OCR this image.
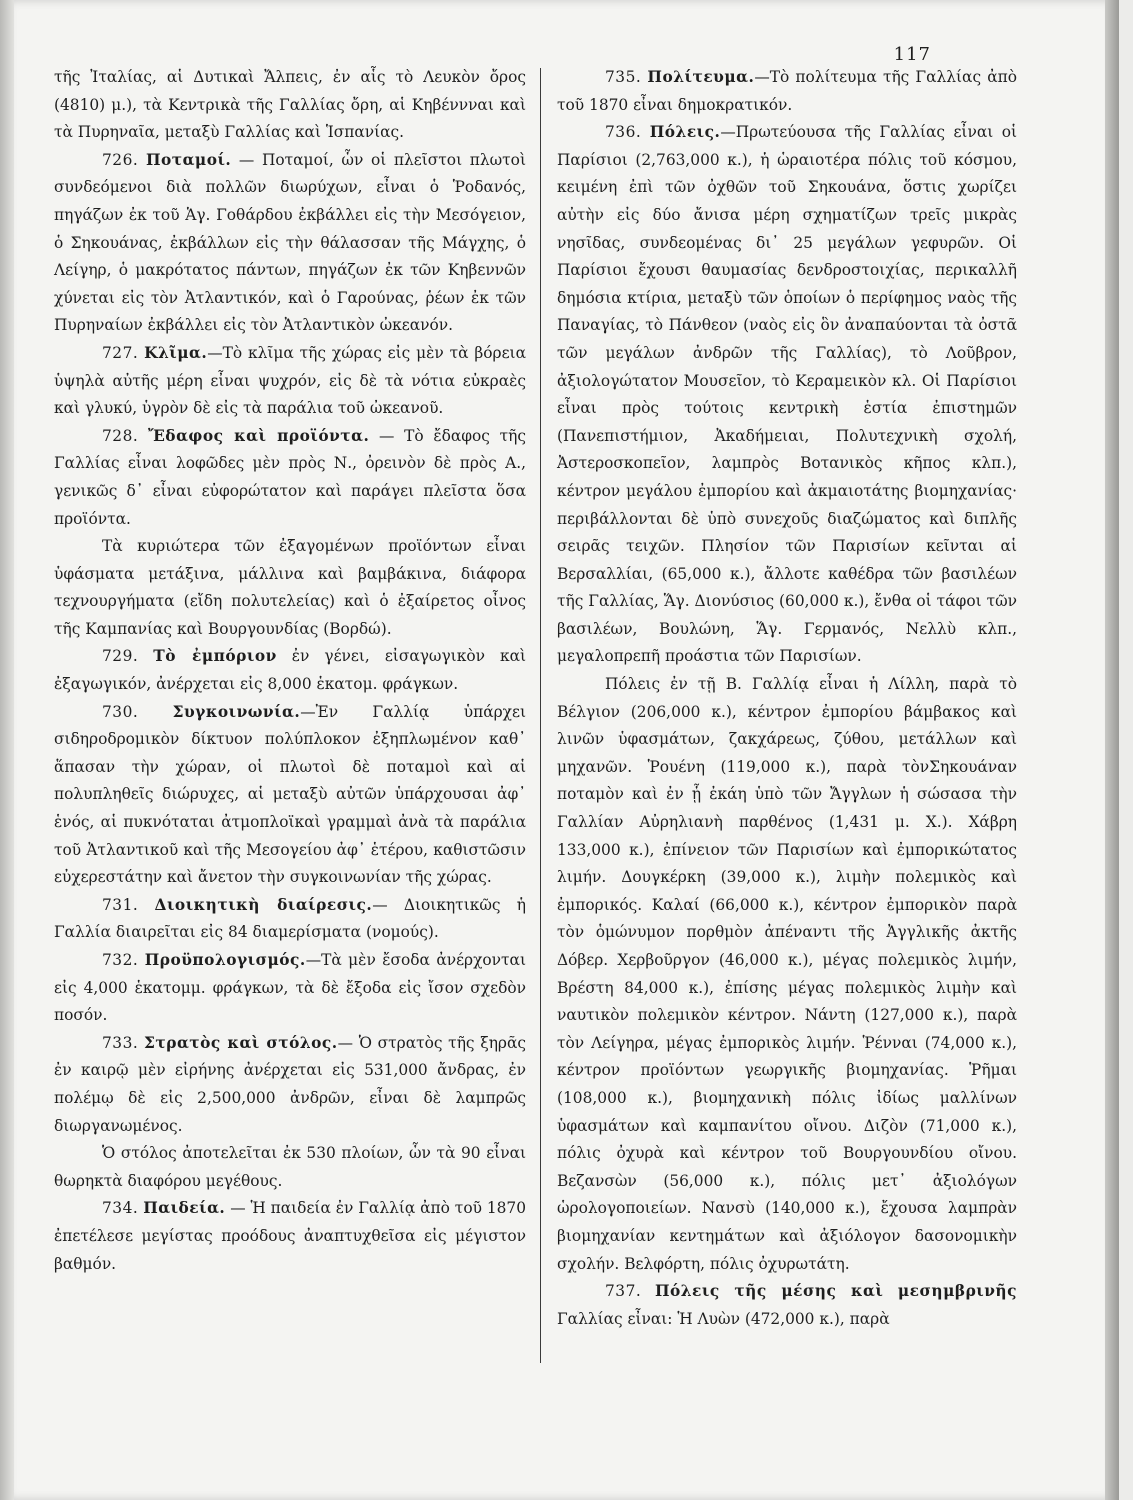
117

τῆς Ἰταλίας, αἱ Δυτικαὶ Ἄλπεις, ἐν αἷς τὸ Λευκὸν ὄρος (4810) μ.), τὰ Κεντρικὰ τῆς Γαλλίας ὄρη, αἱ Κηβέννναι καὶ τὰ Πυρηναῖα, μεταξὺ Γαλλίας καὶ Ἱσπανίας.

726. Ποταμοί. — Ποταμοί, ὧν οἱ πλεῖστοι πλωτοὶ συνδεόμενοι διὰ πολλῶν διωρύχων, εἶναι ὁ Ῥοδανός, πηγάζων ἐκ τοῦ Ἁγ. Γοθάρδου ἐκβάλλει εἰς τὴν Μεσόγειον, ὁ Σηκουάνας, ἐκβάλλων εἰς τὴν θάλασσαν τῆς Μάγχης, ὁ Λείγηρ, ὁ μακρότατος πάντων, πηγάζων ἐκ τῶν Κηβεννῶν χύνεται εἰς τὸν Ἀτλαντικόν, καὶ ὁ Γαρούνας, ῥέων ἐκ τῶν Πυρηναίων ἐκβάλλει εἰς τὸν Ἀτλαντικὸν ὠκεανόν.

727. Κλῖμα.—Τὸ κλῖμα τῆς χώρας εἰς μὲν τὰ βόρεια ὑψηλὰ αὐτῆς μέρη εἶναι ψυχρόν, εἰς δὲ τὰ νότια εὐκραὲς καὶ γλυκύ, ὑγρὸν δὲ εἰς τὰ παράλια τοῦ ὠκεανοῦ.

728. Ἔδαφος καὶ προϊόντα. — Τὸ ἔδαφος τῆς Γαλλίας εἶναι λοφῶδες μὲν πρὸς Ν., ὀρεινὸν δὲ πρὸς Α., γενικῶς δ᾽ εἶναι εὐφορώτατον καὶ παράγει πλεῖστα ὅσα προϊόντα.

Τὰ κυριώτερα τῶν ἐξαγομένων προϊόντων εἶναι ὑφάσματα μετάξινα, μάλλινα καὶ βαμβάκινα, διάφορα τεχνουργήματα (εἴδη πολυτελείας) καὶ ὁ ἐξαίρετος οἶνος τῆς Καμπανίας καὶ Βουργουνδίας (Βορδώ).

729. Τὸ ἐμπόριον ἐν γένει, εἰσαγωγικὸν καὶ ἐξαγωγικόν, ἀνέρχεται εἰς 8,000 ἑκατομ. φράγκων.

730. Συγκοινωνία.—Ἐν Γαλλίᾳ ὑπάρχει σιδηροδρομικὸν δίκτυον πολύπλοκον ἐξηπλωμένον καθ᾽ ἅπασαν τὴν χώραν, οἱ πλωτοὶ δὲ ποταμοὶ καὶ αἱ πολυπληθεῖς διώρυχες, αἱ μεταξὺ αὐτῶν ὑπάρχουσαι ἀφ᾽ ἑνός, αἱ πυκνόταται ἀτμοπλοϊκαὶ γραμμαὶ ἀνὰ τὰ παράλια τοῦ Ἀτλαντικοῦ καὶ τῆς Μεσογείου ἀφ᾽ ἑτέρου, καθιστῶσιν εὐχερεστάτην καὶ ἄνετον τὴν συγκοινωνίαν τῆς χώρας.

731. Διοικητικὴ διαίρεσις.— Διοικητικῶς ἡ Γαλλία διαιρεῖται εἰς 84 διαμερίσματα (νομούς).

732. Προϋπολογισμός.—Τὰ μὲν ἔσοδα ἀνέρχονται εἰς 4,000 ἑκατομμ. φράγκων, τὰ δὲ ἔξοδα εἰς ἴσον σχεδὸν ποσόν.

733. Στρατὸς καὶ στόλος.— Ὁ στρατὸς τῆς ξηρᾶς ἐν καιρῷ μὲν εἰρήνης ἀνέρχεται εἰς 531,000 ἄνδρας, ἐν πολέμῳ δὲ εἰς 2,500,000 ἀνδρῶν, εἶναι δὲ λαμπρῶς διωργανωμένος.

Ὁ στόλος ἀποτελεῖται ἐκ 530 πλοίων, ὧν τὰ 90 εἶναι θωρηκτὰ διαφόρου μεγέθους.

734. Παιδεία. — Ἡ παιδεία ἐν Γαλλίᾳ ἀπὸ τοῦ 1870 ἐπετέλεσε μεγίστας προόδους ἀναπτυχθεῖσα εἰς μέγιστον βαθμόν.

735. Πολίτευμα.—Τὸ πολίτευμα τῆς Γαλλίας ἀπὸ τοῦ 1870 εἶναι δημοκρατικόν.

736. Πόλεις.—Πρωτεύουσα τῆς Γαλλίας εἶναι οἱ Παρίσιοι (2,763,000 κ.), ἡ ὡραιοτέρα πόλις τοῦ κόσμου, κειμένη ἐπὶ τῶν ὀχθῶν τοῦ Σηκουάνα, ὅστις χωρίζει αὐτὴν εἰς δύο ἄνισα μέρη σχηματίζων τρεῖς μικρὰς νησῖδας, συνδεομένας δι᾽ 25 μεγάλων γεφυρῶν. Οἱ Παρίσιοι ἔχουσι θαυμασίας δενδροστοιχίας, περικαλλῆ δημόσια κτίρια, μεταξὺ τῶν ὁποίων ὁ περίφημος ναὸς τῆς Παναγίας, τὸ Πάνθεον (ναὸς εἰς ὃν ἀναπαύονται τὰ ὀστᾶ τῶν μεγάλων ἀνδρῶν τῆς Γαλλίας), τὸ Λοῦβρον, ἀξιολογώτατον Μουσεῖον, τὸ Κεραμεικὸν κλ. Οἱ Παρίσιοι εἶναι πρὸς τούτοις κεντρικὴ ἑστία ἐπιστημῶν (Πανεπιστήμιον, Ἀκαδήμειαι, Πολυτεχνικὴ σχολή, Ἀστεροσκοπεῖον, λαμπρὸς Βοτανικὸς κῆπος κλπ.), κέντρον μεγάλου ἐμπορίου καὶ ἀκμαιοτάτης βιομηχανίας· περιβάλλονται δὲ ὑπὸ συνεχοῦς διαζώματος καὶ διπλῆς σειρᾶς τειχῶν. Πλησίον τῶν Παρισίων κεῖνται αἱ Βερσαλλίαι, (65,000 κ.), ἄλλοτε καθέδρα τῶν βασιλέων τῆς Γαλλίας, Ἅγ. Διονύσιος (60,000 κ.), ἔνθα οἱ τάφοι τῶν βασιλέων, Βουλώνη, Ἅγ. Γερμανός, Νελλὺ κλπ., μεγαλοπρεπῆ προάστια τῶν Παρισίων.

Πόλεις ἐν τῇ Β. Γαλλίᾳ εἶναι ἡ Λίλλη, παρὰ τὸ Βέλγιον (206,000 κ.), κέντρον ἐμπορίου βάμβακος καὶ λινῶν ὑφασμάτων, ζακχάρεως, ζύθου, μετάλλων καὶ μηχανῶν. Ῥουένη (119,000 κ.), παρὰ τὸνΣηκουάναν ποταμὸν καὶ ἐν ᾗ ἐκάη ὑπὸ τῶν Ἄγγλων ἡ σώσασα τὴν Γαλλίαν Αὐρηλιανὴ παρθένος (1,431 μ. Χ.). Χάβρη 133,000 κ.), ἐπίνειον τῶν Παρισίων καὶ ἐμπορικώτατος λιμήν. Δουγκέρκη (39,000 κ.), λιμὴν πολεμικὸς καὶ ἐμπορικός. Καλαί (66,000 κ.), κέντρον ἐμπορικὸν παρὰ τὸν ὁμώνυμον πορθμὸν ἀπέναντι τῆς Ἀγγλικῆς ἀκτῆς Δόβερ. Χερβοῦργον (46,000 κ.), μέγας πολεμικὸς λιμήν, Βρέστη 84,000 κ.), ἐπίσης μέγας πολεμικὸς λιμὴν καὶ ναυτικὸν πολεμικὸν κέντρον. Νάντη (127,000 κ.), παρὰ τὸν Λείγηρα, μέγας ἐμπορικὸς λιμήν. Ῥένναι (74,000 κ.), κέντρον προϊόντων γεωργικῆς βιομηχανίας. Ῥῆμαι (108,000 κ.), βιομηχανικὴ πόλις ἰδίως μαλλίνων ὑφασμάτων καὶ καμπανίτου οἴνου. Διζὸν (71,000 κ.), πόλις ὀχυρὰ καὶ κέντρον τοῦ Βουργουνδίου οἴνου. Βεζανσὼν (56,000 κ.), πόλις μετ᾽ ἀξιολόγων ὡρολογοποιείων. Νανσὺ (140,000 κ.), ἔχουσα λαμπρὰν βιομηχανίαν κεντημάτων καὶ ἀξιόλογον δασονομικὴν σχολήν. Βελφόρτη, πόλις ὀχυρωτάτη.

737. Πόλεις τῆς μέσης καὶ μεσημβρινῆς Γαλλίας εἶναι: Ἡ Λυὼν (472,000 κ.), παρὰ
